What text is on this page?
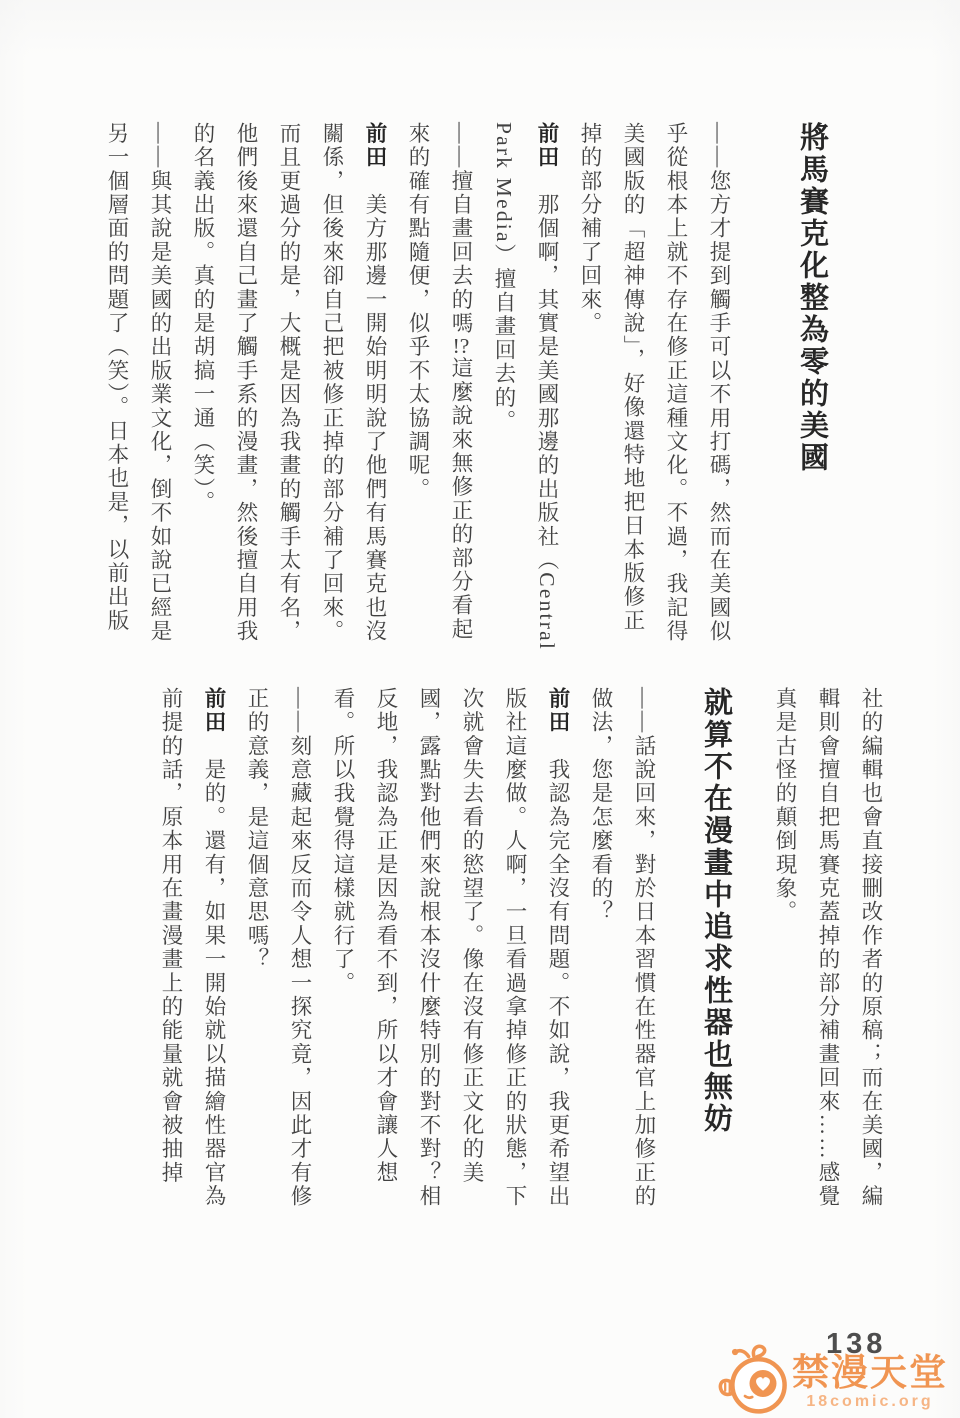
將馬賽克化整為零的美國
——您方才提到觸手可以不用打碼，然而在美國似
乎從根本上就不存在修正這種文化。不過，我記得
美國版的「超神傳說」，好像還特地把日本版修正
掉的部分補了回來。
前田　那個啊，其實是美國那邊的出版社（Central
Park Media）擅自畫回去的。
——擅自畫回去的嗎!?這麼說來無修正的部分看起
來的確有點隨便，似乎不太協調呢。
前田　美方那邊一開始明明說了他們有馬賽克也沒
關係，但後來卻自己把被修正掉的部分補了回來。
而且更過分的是，大概是因為我畫的觸手太有名，
他們後來還自己畫了觸手系的漫畫，然後擅自用我
的名義出版。真的是胡搞一通（笑）。
——與其說是美國的出版業文化，倒不如說已經是
另一個層面的問題了（笑）。日本也是，以前出版
社的編輯也會直接刪改作者的原稿；而在美國，編
輯則會擅自把馬賽克蓋掉的部分補畫回來……感覺
真是古怪的顛倒現象。
就算不在漫畫中追求性器也無妨
——話說回來，對於日本習慣在性器官上加修正的
做法，您是怎麼看的？
前田　我認為完全沒有問題。不如說，我更希望出
版社這麼做。人啊，一旦看過拿掉修正的狀態，下
次就會失去看的慾望了。像在沒有修正文化的美
國，露點對他們來說根本沒什麼特別的對不對？相
反地，我認為正是因為看不到，所以才會讓人想
看。所以我覺得這樣就行了。
——刻意藏起來反而令人想一探究竟，因此才有修
正的意義，是這個意思嗎？
前田　是的。還有，如果一開始就以描繪性器官為
前提的話，原本用在畫漫畫上的能量就會被抽掉
138
禁漫天堂
18comic.org
